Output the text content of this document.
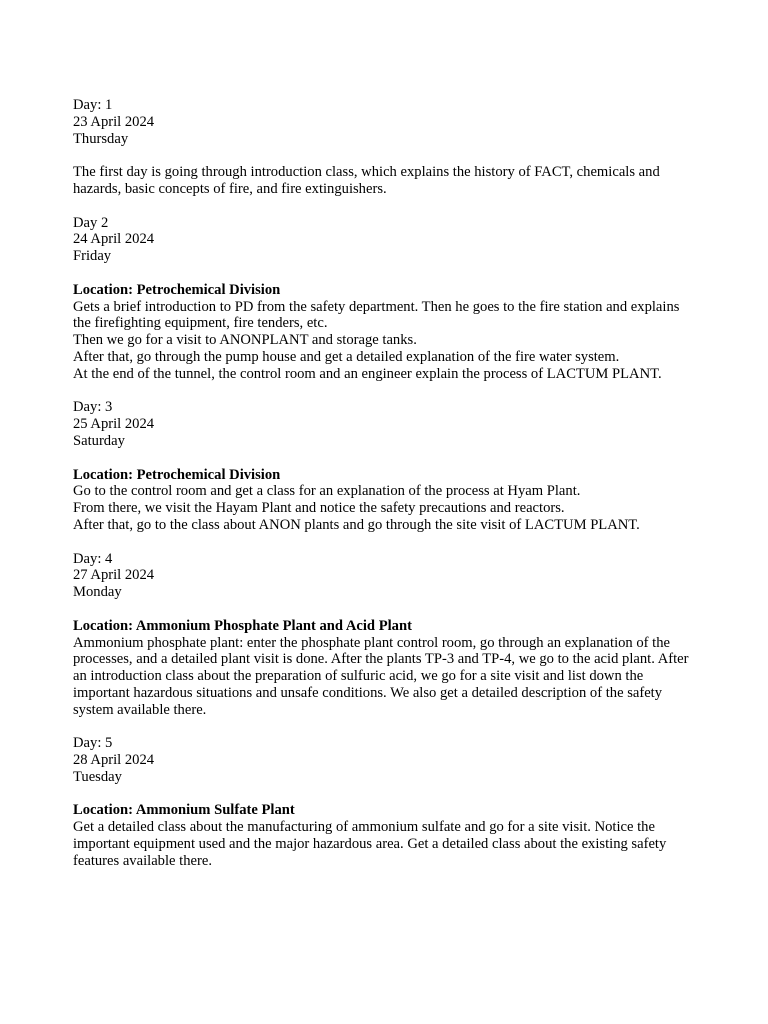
Day: 1
23 April 2024
Thursday
The first day is going through introduction class, which explains the history of FACT, chemicals and hazards, basic concepts of fire, and fire extinguishers.
Day 2
24 April 2024
Friday
Location: Petrochemical Division
Gets a brief introduction to PD from the safety department. Then he goes to the fire station and explains the firefighting equipment, fire tenders, etc.
Then we go for a visit to ANONPLANT and storage tanks.
After that, go through the pump house and get a detailed explanation of the fire water system.
At the end of the tunnel, the control room and an engineer explain the process of LACTUM PLANT.
Day: 3
25 April 2024
Saturday
Location: Petrochemical Division
Go to the control room and get a class for an explanation of the process at Hyam Plant.
From there, we visit the Hayam Plant and notice the safety precautions and reactors.
After that, go to the class about ANON plants and go through the site visit of LACTUM PLANT.
Day: 4
27 April 2024
Monday
Location: Ammonium Phosphate Plant and Acid Plant
Ammonium phosphate plant: enter the phosphate plant control room, go through an explanation of the processes, and a detailed plant visit is done. After the plants TP-3 and TP-4, we go to the acid plant. After an introduction class about the preparation of sulfuric acid, we go for a site visit and list down the important hazardous situations and unsafe conditions. We also get a detailed description of the safety system available there.
Day: 5
28 April 2024
Tuesday
Location: Ammonium Sulfate Plant
Get a detailed class about the manufacturing of ammonium sulfate and go for a site visit. Notice the important equipment used and the major hazardous area. Get a detailed class about the existing safety features available there.
